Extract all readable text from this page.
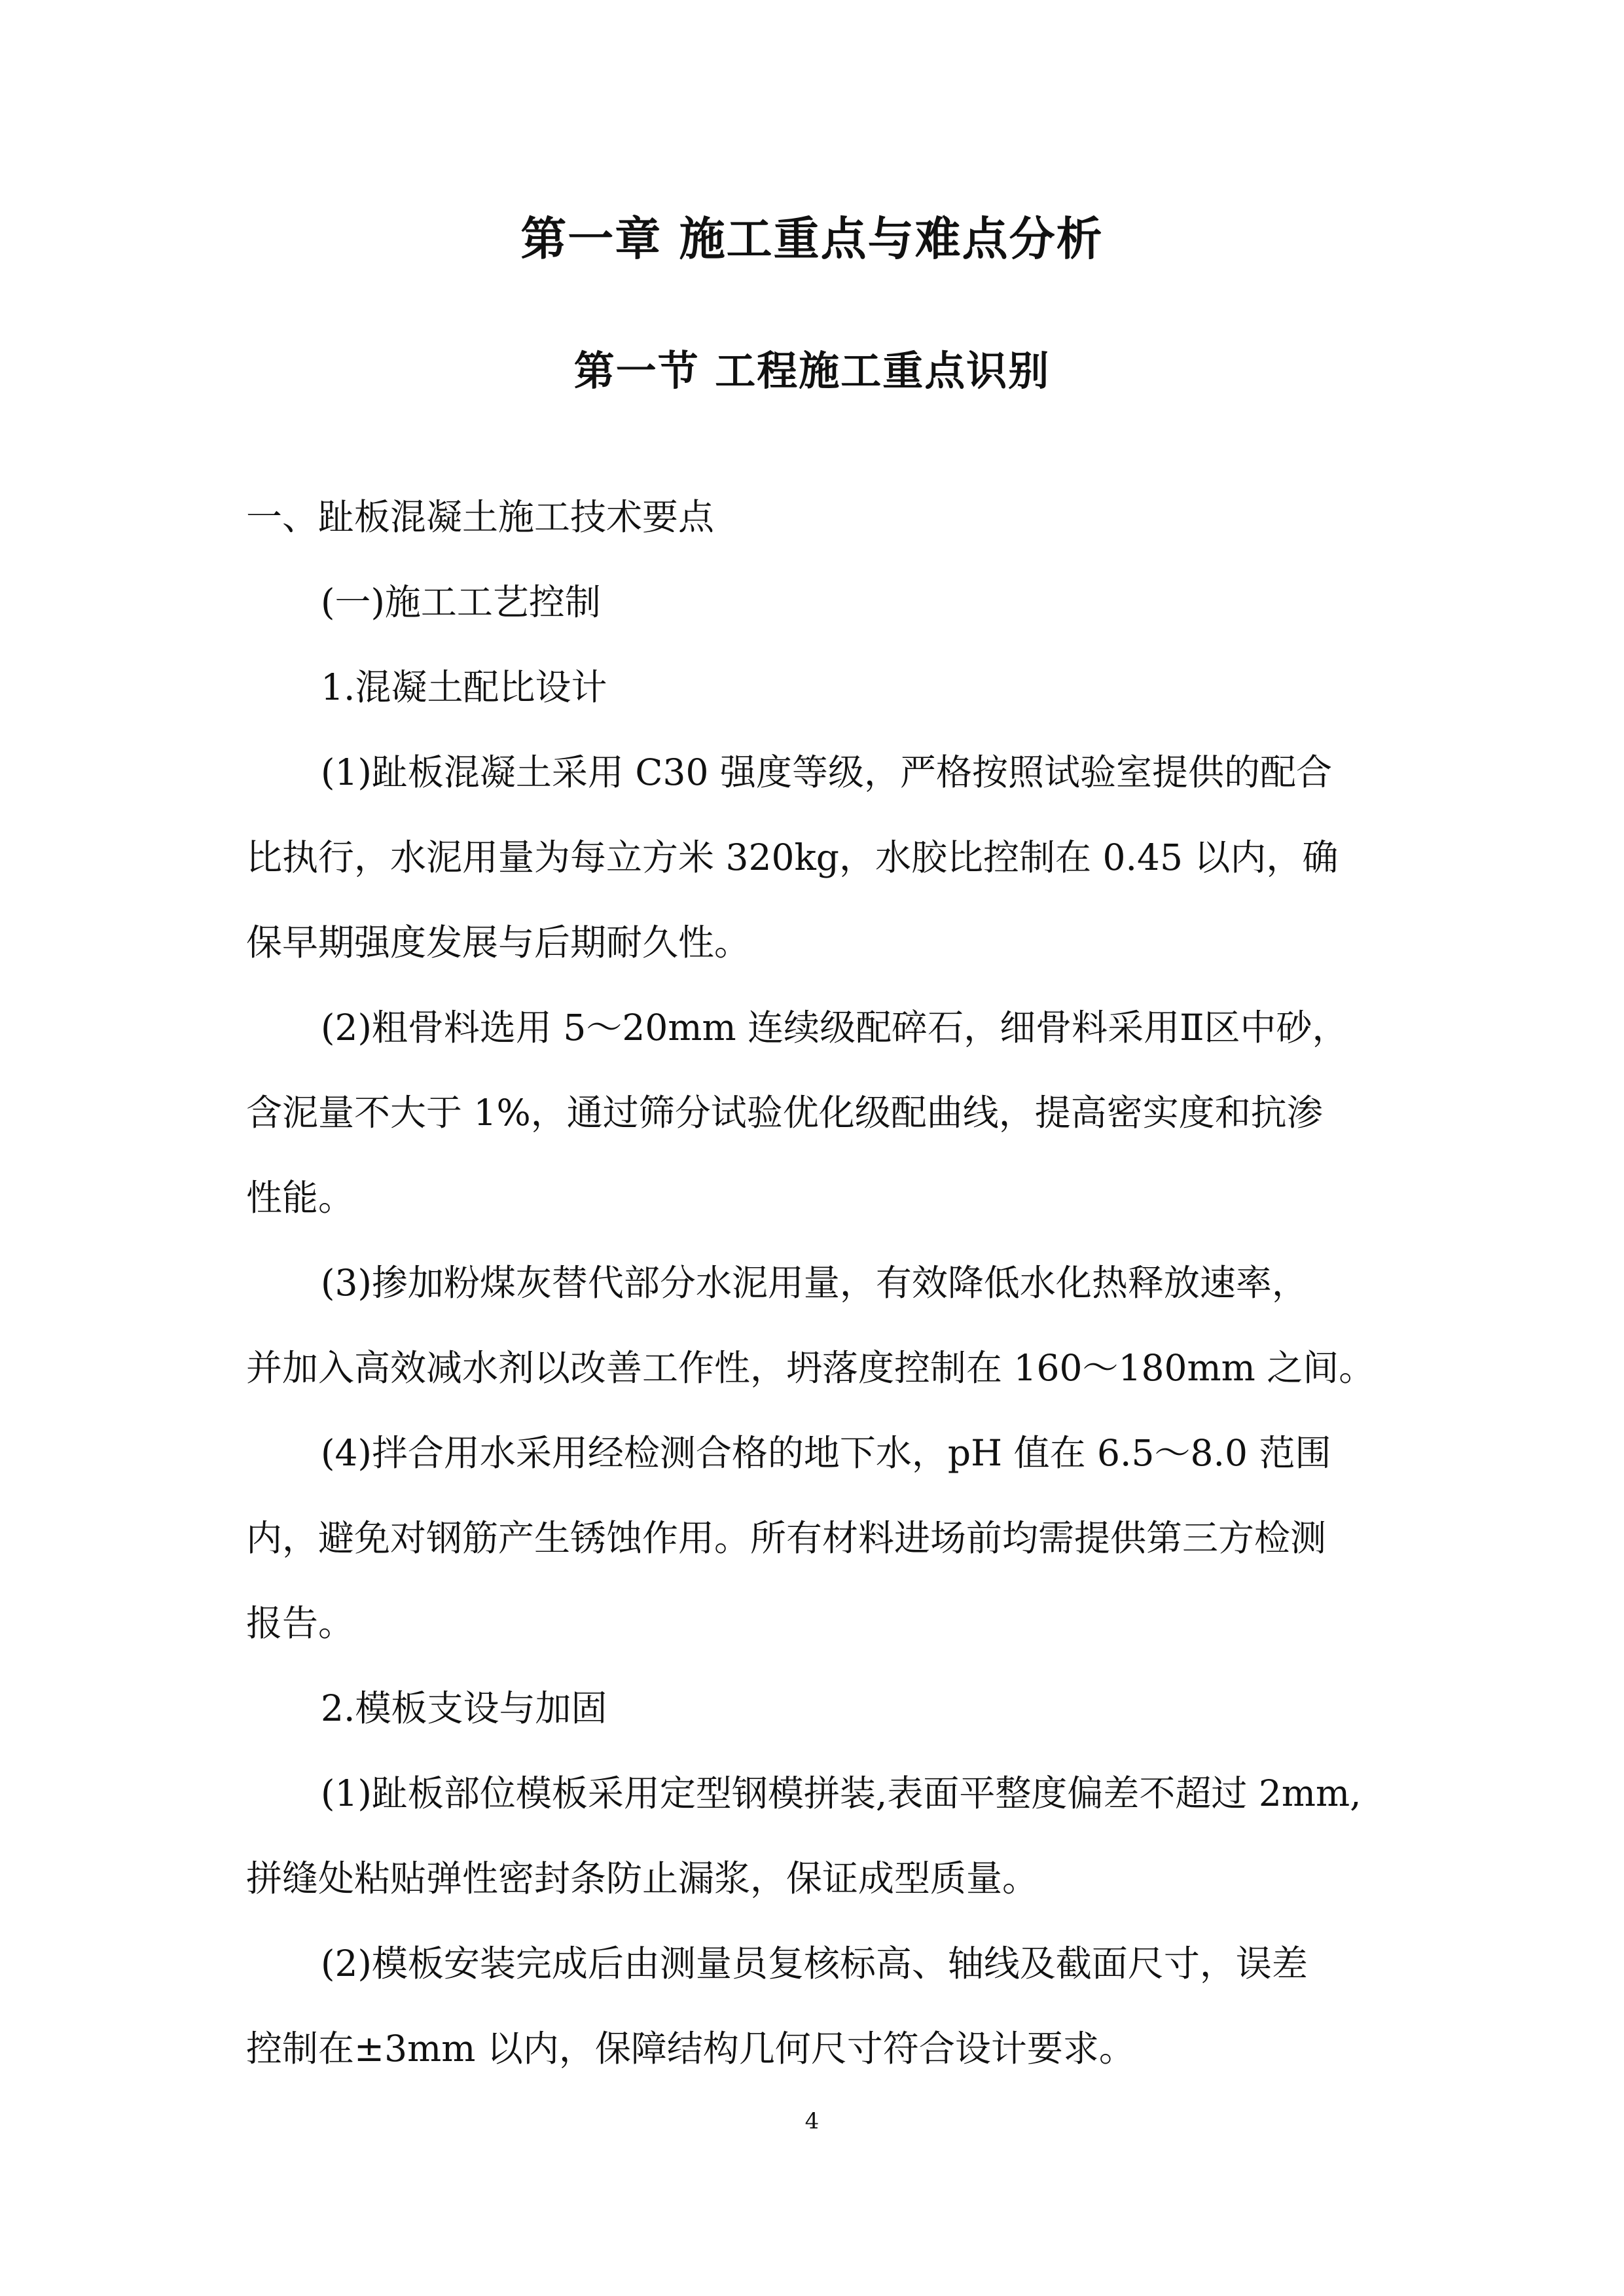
第一章 施工重点与难点分析
第一节 工程施工重点识别
一、趾板混凝土施工技术要点
(一)施工工艺控制
1.混凝土配比设计
(1)趾板混凝土采用 C30 强度等级，严格按照试验室提供的配合
比执行，水泥用量为每立方米 320kg，水胶比控制在 0.45 以内，确
保早期强度发展与后期耐久性。
(2)粗骨料选用 5～20mm 连续级配碎石，细骨料采用Ⅱ区中砂，
含泥量不大于 1%，通过筛分试验优化级配曲线，提高密实度和抗渗
性能。
(3)掺加粉煤灰替代部分水泥用量，有效降低水化热释放速率，
并加入高效减水剂以改善工作性，坍落度控制在 160～180mm 之间。
(4)拌合用水采用经检测合格的地下水，pH 值在 6.5～8.0 范围
内，避免对钢筋产生锈蚀作用。所有材料进场前均需提供第三方检测
报告。
2.模板支设与加固
(1)趾板部位模板采用定型钢模拼装,表面平整度偏差不超过 2mm,
拼缝处粘贴弹性密封条防止漏浆，保证成型质量。
(2)模板安装完成后由测量员复核标高、轴线及截面尺寸，误差
控制在±3mm 以内，保障结构几何尺寸符合设计要求。
4
